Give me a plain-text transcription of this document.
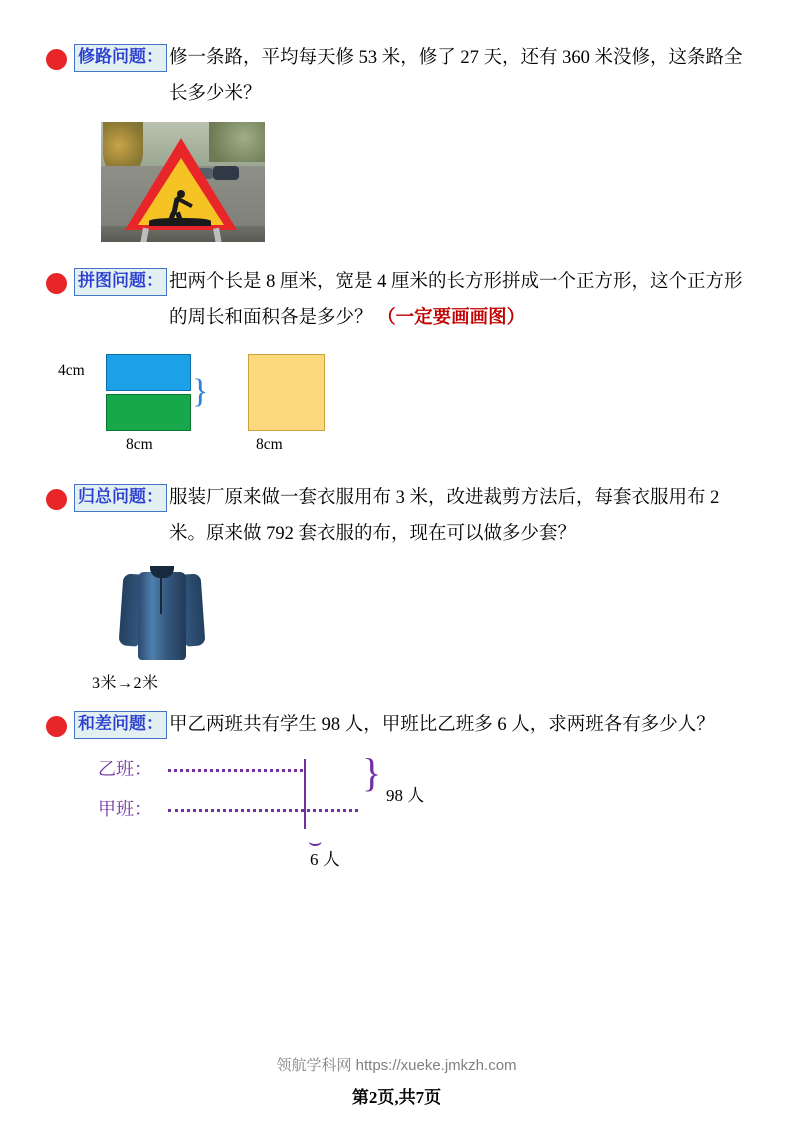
修路问题： 修一条路，平均每天修 53 米，修了 27 天，还有 360 米没修，这条路全长多少米？
拼图问题： 把两个长是 8 厘米，宽是 4 厘米的长方形拼成一个正方形，这个正方形的周长和面积各是多少？ （一定要画画图）
4cm
}
8cm	8cm
归总问题： 服装厂原来做一套衣服用布 3 米，改进裁剪方法后，每套衣服用布 2 米。原来做 792 套衣服的布，现在可以做多少套？
3米→2米
和差问题： 甲乙两班共有学生 98 人，甲班比乙班多 6 人，求两班各有多少人？
乙班：
甲班：
}
98 人
⌣
6 人
领航学科网 https://xueke.jmkzh.com
第2页,共7页
